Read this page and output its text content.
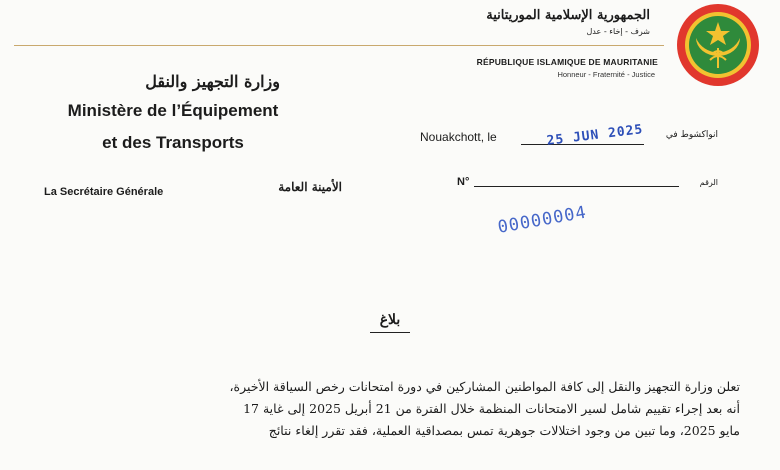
الجمهورية الإسلامية الموريتانية
شرف - إخاء - عدل
RÉPUBLIQUE ISLAMIQUE DE MAURITANIE
Honneur - Fraternité - Justice
وزارة التجهيز والنقل
Ministère de l’Équipement
et des Transports
La Secrétaire Générale	الأمينة العامة
Nouakchott, le	انواكشوط في
25 JUN 2025
N°	الرقم
00000004
بلاغ
تعلن وزارة التجهيز والنقل إلى كافة المواطنين المشاركين في دورة امتحانات رخص السياقة الأخيرة،
أنه بعد إجراء تقييم شامل لسير الامتحانات المنظمة خلال الفترة من 21 أبريل 2025 إلى غاية 17
مايو 2025، وما تبين من وجود اختلالات جوهرية تمس بمصداقية العملية، فقد تقرر إلغاء نتائج
